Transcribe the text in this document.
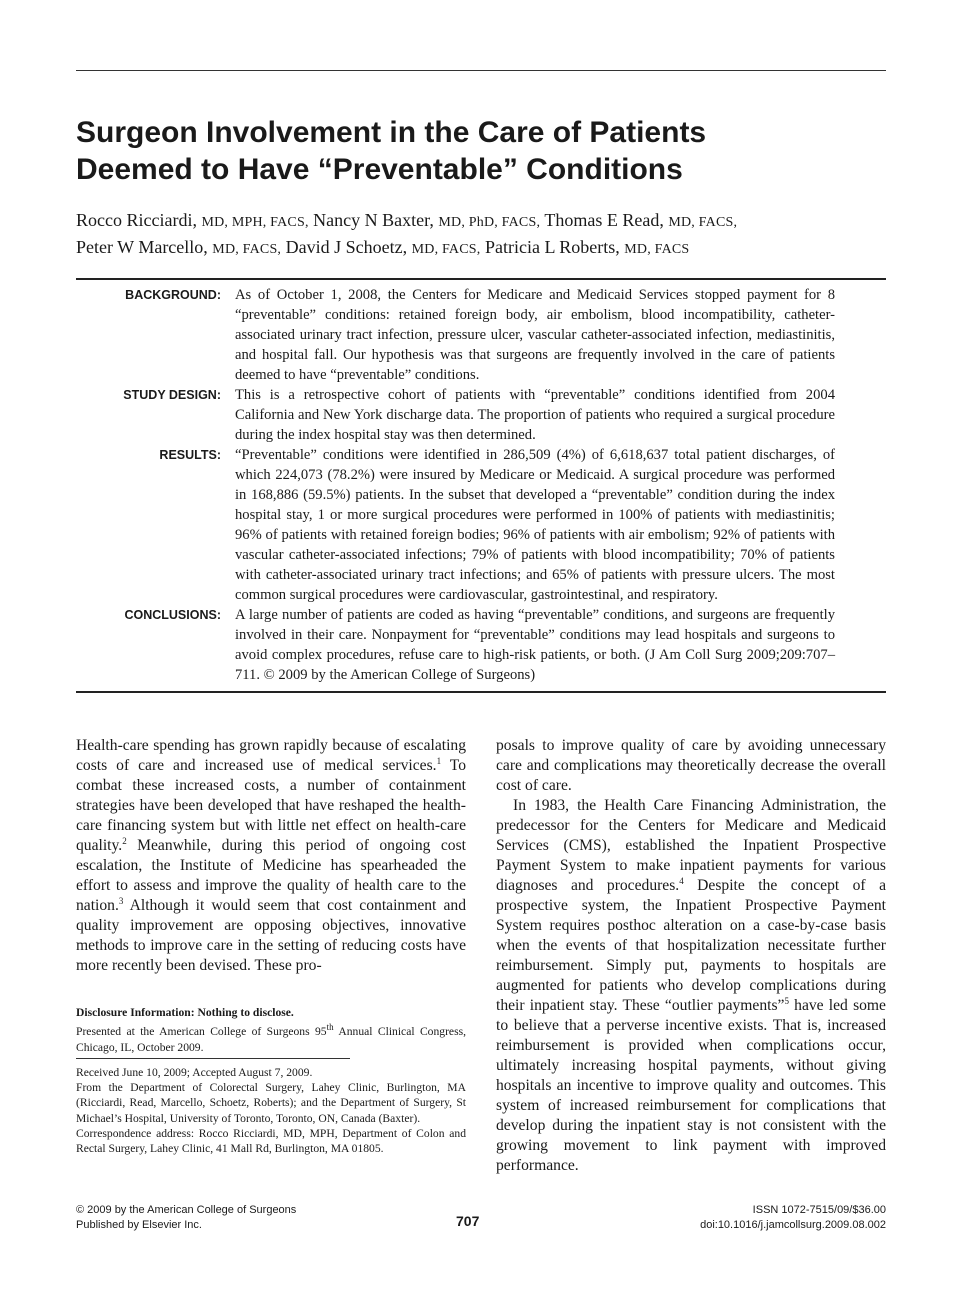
Surgeon Involvement in the Care of Patients
Deemed to Have “Preventable” Conditions
Rocco Ricciardi, MD, MPH, FACS, Nancy N Baxter, MD, PhD, FACS, Thomas E Read, MD, FACS,
Peter W Marcello, MD, FACS, David J Schoetz, MD, FACS, Patricia L Roberts, MD, FACS
BACKGROUND: As of October 1, 2008, the Centers for Medicare and Medicaid Services stopped payment for 8 “preventable” conditions: retained foreign body, air embolism, blood incompatibility, catheter-associated urinary tract infection, pressure ulcer, vascular catheter-associated infection, mediastinitis, and hospital fall. Our hypothesis was that surgeons are frequently involved in the care of patients deemed to have “preventable” conditions.
STUDY DESIGN: This is a retrospective cohort of patients with “preventable” conditions identified from 2004 California and New York discharge data. The proportion of patients who required a surgical procedure during the index hospital stay was then determined.
RESULTS: “Preventable” conditions were identified in 286,509 (4%) of 6,618,637 total patient discharges, of which 224,073 (78.2%) were insured by Medicare or Medicaid. A surgical procedure was performed in 168,886 (59.5%) patients. In the subset that developed a “preventable” condition during the index hospital stay, 1 or more surgical procedures were performed in 100% of patients with mediastinitis; 96% of patients with retained foreign bodies; 96% of patients with air embolism; 92% of patients with vascular catheter-associated infections; 79% of patients with blood incompatibility; 70% of patients with catheter-associated urinary tract infections; and 65% of patients with pressure ulcers. The most common surgical procedures were cardiovascular, gastrointestinal, and respiratory.
CONCLUSIONS: A large number of patients are coded as having “preventable” conditions, and surgeons are frequently involved in their care. Nonpayment for “preventable” conditions may lead hospitals and surgeons to avoid complex procedures, refuse care to high-risk patients, or both. (J Am Coll Surg 2009;209:707–711. © 2009 by the American College of Surgeons)

Health-care spending has grown rapidly because of escalating costs of care and increased use of medical services.$^1$ To combat these increased costs, a number of containment strategies have been developed that have reshaped the health-care financing system but with little net effect on health-care quality.$^2$ Meanwhile, during this period of ongoing cost escalation, the Institute of Medicine has spearheaded the effort to assess and improve the quality of health care to the nation.$^3$ Although it would seem that cost containment and quality improvement are opposing objectives, innovative methods to improve care in the setting of reducing costs have more recently been devised. These pro-

Disclosure Information: Nothing to disclose.

Presented at the American College of Surgeons 95th Annual Clinical Congress, Chicago, IL, October 2009.

Received June 10, 2009; Accepted August 7, 2009.

From the Department of Colorectal Surgery, Lahey Clinic, Burlington, MA (Ricciardi, Read, Marcello, Schoetz, Roberts); and the Department of Surgery, St Michael’s Hospital, University of Toronto, Toronto, ON, Canada (Baxter).

Correspondence address: Rocco Ricciardi, MD, MPH, Department of Colon and Rectal Surgery, Lahey Clinic, 41 Mall Rd, Burlington, MA 01805.

posals to improve quality of care by avoiding unnecessary care and complications may theoretically decrease the overall cost of care.

In 1983, the Health Care Financing Administration, the predecessor for the Centers for Medicare and Medicaid Services (CMS), established the Inpatient Prospective Payment System to make inpatient payments for various diagnoses and procedures.$^4$ Despite the concept of a prospective system, the Inpatient Prospective Payment System requires posthoc alteration on a case-by-case basis when the events of that hospitalization necessitate further reimbursement. Simply put, payments to hospitals are augmented for patients who develop complications during their inpatient stay. These “outlier payments”$^5$ have led some to believe that a perverse incentive exists. That is, increased reimbursement is provided when complications occur, ultimately increasing hospital payments, without giving hospitals an incentive to improve quality and outcomes. This system of increased reimbursement for complications that develop during the inpatient stay is not consistent with the growing movement to link payment with improved performance.

© 2009 by the American College of Surgeons
Published by Elsevier Inc.	707
ISSN 1072-7515/09/$36.00
doi:10.1016/j.jamcollsurg.2009.08.002
